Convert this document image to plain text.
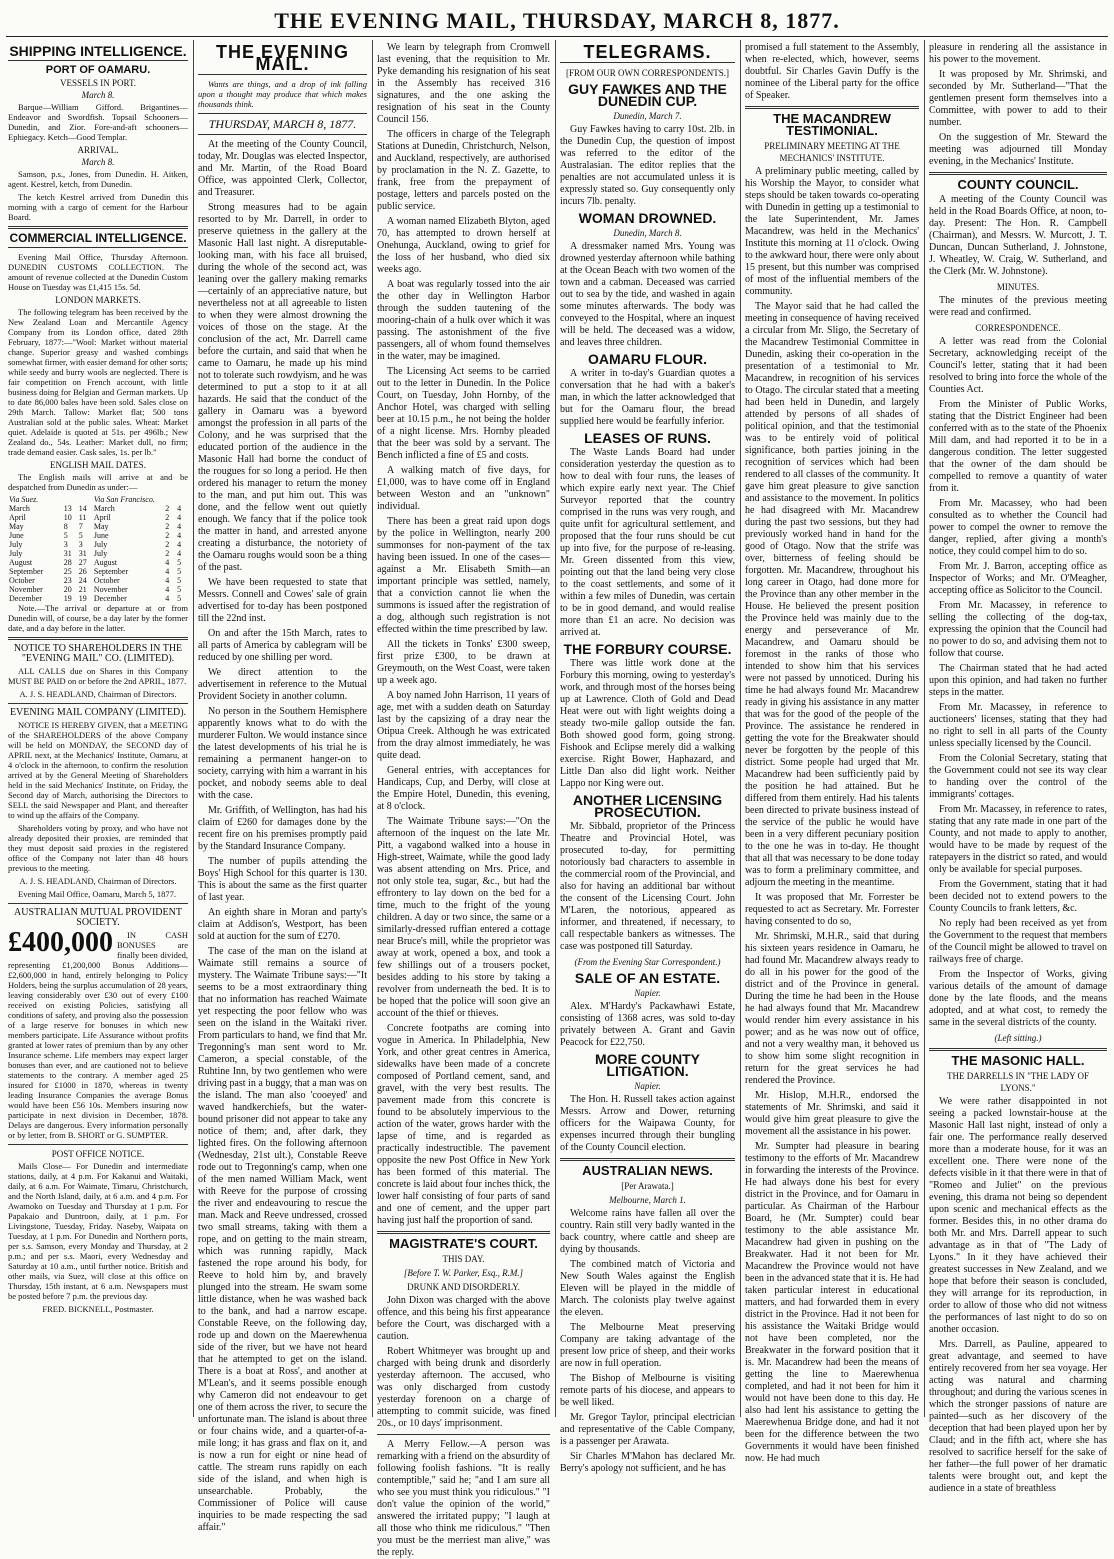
THE EVENING MAIL, THURSDAY, MARCH 8, 1877.
SHIPPING INTELLIGENCE.
PORT OF OAMARU.
VESSELS IN PORT.
March 8.

Barque—William Gifford. Brigantines—Endeavor and Swordfish. Topsail Schooners—Dunedin, and Zior. Fore-and-aft schooners—Ephiegacy. Ketch—Good Templar.

ARRIVAL.
March 8.

Samson, p.s., Jones, from Dunedin. H. Aitken, agent. Kestrel, ketch, from Dunedin.

The ketch Kestrel arrived from Dunedin this morning with a cargo of cement for the Harbour Board.

COMMERCIAL INTELLIGENCE.

Evening Mail Office, Thursday Afternoon. DUNEDIN CUSTOMS COLLECTION. The amount of revenue collected at the Dunedin Custom House on Tuesday was £1,415 15s. 5d.

LONDON MARKETS.

The following telegram has been received by the New Zealand Loan and Mercantile Agency Company from its London office, dated 28th February, 1877:—"Wool: Market without material change. Superior greasy and washed combings somewhat firmer, with easier demand for other sorts; while seedy and burry wools are neglected. There is fair competition on French account, with little business doing for Belgian and German markets. Up to date 86,000 bales have been sold. Sales close on 29th March. Tallow: Market flat; 500 tons Australian sold at the public sales. Wheat: Market quiet. Adelaide is quoted at 51s. per 496lb.; New Zealand do., 54s. Leather: Market dull, no firm; trade demand easier. Cask sales, 1s. per lb."

ENGLISH MAIL DATES.

The English mails will arrive at and be despatched from Dunedin as under:—

Via Suez.			Via San Francisco.		
March	13	14	March	2	4
April	10	11	April	2	4
May	8	7	May	2	4
June	5	5	June	2	4
July	3	3	July	2	4
July	31	31	July	2	4
August	28	27	August	4	5
September	25	26	September	4	5
October	23	24	October	4	5
November	20	21	November	4	5
December	19	19	December	4	5

Note.—The arrival or departure at or from Dunedin will, of course, be a day later by the former date, and a day before in the latter.

NOTICE TO SHAREHOLDERS IN THE "EVENING MAIL" CO. (LIMITED).

ALL CALLS due on Shares in this Company MUST BE PAID on or before the 2nd APRIL, 1877.

A. J. S. HEADLAND, Chairman of Directors.

EVENING MAIL COMPANY (LIMITED).

NOTICE IS HEREBY GIVEN, that a MEETING of the SHAREHOLDERS of the above Company will be held on MONDAY, the SECOND day of APRIL next, at the Mechanics' Institute, Oamaru, at 4 o'clock in the afternoon, to confirm the resolution arrived at by the General Meeting of Shareholders held in the said Mechanics' Institute, on Friday, the Second day of March, authorising the Directors to SELL the said Newspaper and Plant, and thereafter to wind up the affairs of the Company.

Shareholders voting by proxy, and who have not already deposited their proxies, are reminded that they must deposit said proxies in the registered office of the Company not later than 48 hours previous to the meeting.

A. J. S. HEADLAND, Chairman of Directors.

Evening Mail Office, Oamaru, March 5, 1877.

AUSTRALIAN MUTUAL PROVIDENT SOCIETY.
£400,000	IN CASH BONUSES are finally been divided, representing £1,200,000 Bonus Additions—£2,600,000 in hand, entirely belonging to Policy Holders, being the surplus accumulation of 28 years, leaving considerably over £30 out of every £100 received on existing Policies, satisfying all conditions of safety, and proving also the possession of a large reserve for bonuses in which new members participate. Life Assurance without profits granted at lower rates of premium than by any other Insurance scheme. Life members may expect larger bonuses than ever, and are cautioned not to believe statements to the contrary. A member aged 25 insured for £1000 in 1870, whereas in twenty leading Insurance Companies the average Bonus would have been £56 10s. Members insuring now participate in next division in December, 1878. Delays are dangerous. Every information personally or by letter, from B. SHORT or G. SUMPTER.

POST OFFICE NOTICE.

Mails Close— For Dunedin and intermediate stations, daily, at 4 p.m. For Kakanui and Waitaki, daily, at 6 a.m. For Waimate, Timaru, Christchurch, and the North Island, daily, at 6 a.m. and 4 p.m. For Awamoko on Tuesday and Thursday at 1 p.m. For Papakaio and Duntroon, daily, at 1 p.m. For Livingstone, Tuesday, Friday. Naseby, Waipata on Tuesday, at 1 p.m. For Dunedin and Northern ports, per s.s. Samson, every Monday and Thursday, at 2 p.m.; and per s.s. Maori, every Wednesday and Saturday at 10 a.m., until further notice. British and other mails, via Suez, will close at this office on Thursday, 15th instant, at 6 a.m. Newspapers must be posted before 7 p.m. the previous day.

FRED. BICKNELL, Postmaster.

THE EVENING MAIL.

Wants are things, and a drop of ink falling upon a thought may produce that which makes thousands think.

THURSDAY, MARCH 8, 1877.

At the meeting of the County Council, today, Mr. Douglas was elected Inspector, and Mr. Martin, of the Road Board Office, was appointed Clerk, Collector, and Treasurer.

Strong measures had to be again resorted to by Mr. Darrell, in order to preserve quietness in the gallery at the Masonic Hall last night. A disreputable-looking man, with his face all bruised, during the whole of the second act, was leaning over the gallery making remarks—certainly of an appreciative nature, but nevertheless not at all agreeable to listen to when they were almost drowning the voices of those on the stage. At the conclusion of the act, Mr. Darrell came before the curtain, and said that when he came to Oamaru, he made up his mind not to tolerate such rowdyism, and he was determined to put a stop to it at all hazards. He said that the conduct of the gallery in Oamaru was a byeword amongst the profession in all parts of the Colony, and he was surprised that the educated portion of the audience in the Masonic Hall had borne the conduct of the rougues for so long a period. He then ordered his manager to return the money to the man, and put him out. This was done, and the fellow went out quietly enough. We fancy that if the police took the matter in hand, and arrested anyone creating a disturbance, the notoriety of the Oamaru roughs would soon be a thing of the past.

We have been requested to state that Messrs. Connell and Cowes' sale of grain advertised for to-day has been postponed till the 22nd inst.

On and after the 15th March, rates to all parts of America by cablegram will be reduced by one shilling per word.

We direct attention to the advertisement in reference to the Mutual Provident Society in another column.

No person in the Southern Hemisphere apparently knows what to do with the murderer Fulton. We would instance since the latest developments of his trial he is remaining a permanent hanger-on to society, carrying with him a warrant in his pocket, and nobody seems able to deal with the case.

Mr. Griffith, of Wellington, has had his claim of £260 for damages done by the recent fire on his premises promptly paid by the Standard Insurance Company.

The number of pupils attending the Boys' High School for this quarter is 130. This is about the same as the first quarter of last year.

An eighth share in Moran and party's claim at Addison's, Westport, has been sold at auction for the sum of £270.

The case of the man on the island at Waimate still remains a source of mystery. The Waimate Tribune says:—"It seems to be a most extraordinary thing that no information has reached Waimate yet respecting the poor fellow who was seen on the island in the Waitaki river. From particulars to hand, we find that Mr. Tregonning's man sent word to Mr. Cameron, a special constable, of the Ruhtine Inn, by two gentlemen who were driving past in a buggy, that a man was on the island. The man also 'cooeyed' and waved handkerchiefs, but the water-bound prisoner did not appear to take any notice of them; and, after dark, they lighted fires. On the following afternoon (Wednesday, 21st ult.), Constable Reeve rode out to Tregonning's camp, when one of the men named William Mack, went with Reeve for the purpose of crossing the river and endeavouring to rescue the man. Mack and Reeve undressed, crossed two small streams, taking with them a rope, and on getting to the main stream, which was running rapidly, Mack fastened the rope around his body, for Reeve to hold him by, and bravely plunged into the stream. He swam some little distance, when he was washed back to the bank, and had a narrow escape. Constable Reeve, on the following day, rode up and down on the Maerewhenua side of the river, but we have not heard that he attempted to get on the island. There is a boat at Ross', and another at M'Lean's, and it seems possible enough why Cameron did not endeavour to get one of them across the river, to secure the unfortunate man. The island is about three or four chains wide, and a quarter-of-a-mile long; it has grass and flax on it, and is now a run for eight or nine head of cattle. The stream runs rapidly on each side of the island, and when high is unsearchable. Probably, the Commissioner of Police will cause inquiries to be made respecting the sad affair."

We learn by telegraph from Cromwell last evening, that the requisition to Mr. Pyke demanding his resignation of his seat in the Assembly has received 316 signatures, and the one asking the resignation of his seat in the County Council 156.

The officers in charge of the Telegraph Stations at Dunedin, Christchurch, Nelson, and Auckland, respectively, are authorised by proclamation in the N. Z. Gazette, to frank, free from the prepayment of postage, letters and parcels posted on the public service.

A woman named Elizabeth Blyton, aged 70, has attempted to drown herself at Onehunga, Auckland, owing to grief for the loss of her husband, who died six weeks ago.

A boat was regularly tossed into the air the other day in Wellington Harbor through the sudden tautening of the mooring-chain of a hulk over which it was passing. The astonishment of the five passengers, all of whom found themselves in the water, may be imagined.

The Licensing Act seems to be carried out to the letter in Dunedin. In the Police Court, on Tuesday, John Hornby, of the Anchor Hotel, was charged with selling beer at 10.15 p.m., he not being the holder of a night license. Mrs. Hornby pleaded that the beer was sold by a servant. The Bench inflicted a fine of £5 and costs.

A walking match of five days, for £1,000, was to have come off in England between Weston and an "unknown" individual.

There has been a great raid upon dogs by the police in Wellington, nearly 200 summonses for non-payment of the tax having been issued. In one of the cases—against a Mr. Elisabeth Smith—an important principle was settled, namely, that a conviction cannot lie when the summons is issued after the registration of a dog, although such registration is not effected within the time prescribed by law.

All the tickets in Tonks' £300 sweep, first prize £300, to be drawn at Greymouth, on the West Coast, were taken up a week ago.

A boy named John Harrison, 11 years of age, met with a sudden death on Saturday last by the capsizing of a dray near the Otipua Creek. Although he was extricated from the dray almost immediately, he was quite dead.

General entries, with acceptances for Handicaps, Cup, and Derby, will close at the Empire Hotel, Dunedin, this evening, at 8 o'clock.

The Waimate Tribune says:—"On the afternoon of the inquest on the late Mr. Pitt, a vagabond walked into a house in High-street, Waimate, while the good lady was absent attending on Mrs. Price, and not only stole tea, sugar, &c., but had the effrontery to lay down on the bed for a time, much to the fright of the young children. A day or two since, the same or a similarly-dressed ruffian entered a cottage near Bruce's mill, while the proprietor was away at work, opened a box, and took a few shillings out of a trousers pocket, besides adding to his store by taking a revolver from underneath the bed. It is to be hoped that the police will soon give an account of the thief or thieves.

Concrete footpaths are coming into vogue in America. In Philadelphia, New York, and other great centres in America, sidewalks have been made of a concrete composed of Portland cement, sand, and gravel, with the very best results. The pavement made from this concrete is found to be absolutely impervious to the action of the water, grows harder with the lapse of time, and is regarded as practically indestructible. The pavement opposite the new Post Office in New York has been formed of this material. The concrete is laid about four inches thick, the lower half consisting of four parts of sand and one of cement, and the upper part having just half the proportion of sand.

MAGISTRATE'S COURT.
THIS DAY.
[Before T. W. Parker, Esq., R.M.]
DRUNK AND DISORDERLY.

John Dixon was charged with the above offence, and this being his first appearance before the Court, was discharged with a caution.

Robert Whitmeyer was brought up and charged with being drunk and disorderly yesterday afternoon. The accused, who was only discharged from custody yesterday forenoon on a charge of attempting to commit suicide, was fined 20s., or 10 days' imprisonment.

A Merry Fellow.—A person was remarking with a friend on the absurdity of following foolish fashions. "It is really contemptible," said he; "and I am sure all who see you must think you ridiculous." "I don't value the opinion of the world," answered the irritated puppy; "I laugh at all those who think me ridiculous." "Then you must be the merriest man alive," was the reply.

TELEGRAMS.
[FROM OUR OWN CORRESPONDENTS.]
GUY FAWKES AND THE DUNEDIN CUP.
Dunedin, March 7.

Guy Fawkes having to carry 10st. 2lb. in the Dunedin Cup, the question of impost was referred to the editor of the Australasian. The editor replies that the penalties are not accumulated unless it is expressly stated so. Guy consequently only incurs 7lb. penalty.

WOMAN DROWNED.
Dunedin, March 8.

A dressmaker named Mrs. Young was drowned yesterday afternoon while bathing at the Ocean Beach with two women of the town and a cabman. Deceased was carried out to sea by the tide, and washed in again some minutes afterwards. The body was conveyed to the Hospital, where an inquest will be held. The deceased was a widow, and leaves three children.

OAMARU FLOUR.

A writer in to-day's Guardian quotes a conversation that he had with a baker's man, in which the latter acknowledged that but for the Oamaru flour, the bread supplied here would be fearfully inferior.

LEASES OF RUNS.

The Waste Lands Board had under consideration yesterday the question as to how to deal with four runs, the leases of which expire early next year. The Chief Surveyor reported that the country comprised in the runs was very rough, and quite unfit for agricultural settlement, and proposed that the four runs should be cut up into five, for the purpose of re-leasing. Mr. Green dissented from this view, pointing out that the land being very close to the coast settlements, and some of it within a few miles of Dunedin, was certain to be in good demand, and would realise more than £1 an acre. No decision was arrived at.

THE FORBURY COURSE.

There was little work done at the Forbury this morning, owing to yesterday's work, and through most of the horses being up at Lawrence. Cloth of Gold and Dead Heat were out with light weights doing a steady two-mile gallop outside the fan. Both showed good form, going strong. Fishook and Eclipse merely did a walking exercise. Right Bower, Haphazard, and Little Dan also did light work. Neither Lappo nor King were out.

ANOTHER LICENSING PROSECUTION.

Mr. Sibbald, proprietor of the Princess Theatre and Provincial Hotel, was prosecuted to-day, for permitting notoriously bad characters to assemble in the commercial room of the Provincial, and also for having an additional bar without the consent of the Licensing Court. John M'Laren, the notorious, appeared as informer, and threatened, if necessary, to call respectable bankers as witnesses. The case was postponed till Saturday.

(From the Evening Star Correspondent.)
SALE OF AN ESTATE.
Napier.

Alex. M'Hardy's Packawhawi Estate, consisting of 1368 acres, was sold to-day privately between A. Grant and Gavin Peacock for £22,750.

MORE COUNTY LITIGATION.
Napier.

The Hon. H. Russell takes action against Messrs. Arrow and Dower, returning officers for the Waipawa County, for expenses incurred through their bungling of the County Council election.

AUSTRALIAN NEWS.
[Per Arawata.]
Melbourne, March 1.

Welcome rains have fallen all over the country. Rain still very badly wanted in the back country, where cattle and sheep are dying by thousands.

The combined match of Victoria and New South Wales against the English Eleven will be played in the middle of March. The colonists play twelve against the eleven.

The Melbourne Meat preserving Company are taking advantage of the present low price of sheep, and their works are now in full operation.

The Bishop of Melbourne is visiting remote parts of his diocese, and appears to be well liked.

Mr. Gregor Taylor, principal electrician and representative of the Cable Company, is a passenger per Arawata.

Sir Charles M'Mahon has declared Mr. Berry's apology not sufficient, and he has

promised a full statement to the Assembly, when re-elected, which, however, seems doubtful. Sir Charles Gavin Duffy is the nominee of the Liberal party for the office of Speaker.

THE MACANDREW TESTIMONIAL.
PRELIMINARY MEETING AT THE MECHANICS' INSTITUTE.

A preliminary public meeting, called by his Worship the Mayor, to consider what steps should be taken towards co-operating with Dunedin in getting up a testimonial to the late Superintendent, Mr. James Macandrew, was held in the Mechanics' Institute this morning at 11 o'clock. Owing to the awkward hour, there were only about 15 present, but this number was comprised of most of the influential members of the community.

The Mayor said that he had called the meeting in consequence of having received a circular from Mr. Sligo, the Secretary of the Macandrew Testimonial Committee in Dunedin, asking their co-operation in the presentation of a testimonial to Mr. Macandrew, in recognition of his services to Otago. The circular stated that a meeting had been held in Dunedin, and largely attended by persons of all shades of political opinion, and that the testimonial was to be entirely void of political significance, both parties joining in the recognition of services which had been rendered to all classes of the community. It gave him great pleasure to give sanction and assistance to the movement. In politics he had disagreed with Mr. Macandrew during the past two sessions, but they had previously worked hand in hand for the good of Otago. Now that the strife was over, bitterness of feeling should be forgotten. Mr. Macandrew, throughout his long career in Otago, had done more for the Province than any other member in the House. He believed the present position the Province held was mainly due to the energy and perseverance of Mr. Macandrew, and Oamaru should be foremost in the ranks of those who intended to show him that his services were not passed by unnoticed. During his time he had always found Mr. Macandrew ready in giving his assistance in any matter that was for the good of the people of the Province. The assistance he rendered in getting the vote for the Breakwater should never be forgotten by the people of this district. Some people had urged that Mr. Macandrew had been sufficiently paid by the position he had attained. But he differed from them entirely. Had his talents been directed to private business instead of the service of the public he would have been in a very different pecuniary position to the one he was in to-day. He thought that all that was necessary to be done today was to form a preliminary committee, and adjourn the meeting in the meantime.

It was proposed that Mr. Forrester be requested to act as Secretary. Mr. Forrester having consented to do so,

Mr. Shrimski, M.H.R., said that during his sixteen years residence in Oamaru, he had found Mr. Macandrew always ready to do all in his power for the good of the district and of the Province in general. During the time he had been in the House he had always found that Mr. Macandrew would render him every assistance in his power; and as he was now out of office, and not a very wealthy man, it behoved us to show him some slight recognition in return for the great services he had rendered the Province.

Mr. Hislop, M.H.R., endorsed the statements of Mr. Shrimski, and said it would give him great pleasure to give the movement all the assistance in his power.

Mr. Sumpter had pleasure in bearing testimony to the efforts of Mr. Macandrew in forwarding the interests of the Province. He had always done his best for every district in the Province, and for Oamaru in particular. As Chairman of the Harbour Board, he (Mr. Sumpter) could bear testimony to the able assistance Mr. Macandrew had given in pushing on the Breakwater. Had it not been for Mr. Macandrew the Province would not have been in the advanced state that it is. He had taken particular interest in educational matters, and had forwarded them in every district in the Province. Had it not been for his assistance the Waitaki Bridge would not have been completed, nor the Breakwater in the forward position that it is. Mr. Macandrew had been the means of getting the line to Maerewhenua completed, and had it not been for him it would not have been done to this day. He also had lent his assistance to getting the Maerewhenua Bridge done, and had it not been for the difference between the two Governments it would have been finished now. He had much

pleasure in rendering all the assistance in his power to the movement.

It was proposed by Mr. Shrimski, and seconded by Mr. Sutherland—"That the gentlemen present form themselves into a Committee, with power to add to their number.

On the suggestion of Mr. Steward the meeting was adjourned till Monday evening, in the Mechanics' Institute.

COUNTY COUNCIL.

A meeting of the County Council was held in the Road Boards Office, at noon, to-day. Present: The Hon. R. Campbell (Chairman), and Messrs. W. Murcott, J. T. Duncan, Duncan Sutherland, J. Johnstone, J. Wheatley, W. Craig, W. Sutherland, and the Clerk (Mr. W. Johnstone).

MINUTES.

The minutes of the previous meeting were read and confirmed.

CORRESPONDENCE.

A letter was read from the Colonial Secretary, acknowledging receipt of the Council's letter, stating that it had been resolved to bring into force the whole of the Counties Act.

From the Minister of Public Works, stating that the District Engineer had been conferred with as to the state of the Phoenix Mill dam, and had reported it to be in a dangerous condition. The letter suggested that the owner of the dam should be compelled to remove a quantity of water from it.

From Mr. Macassey, who had been consulted as to whether the Council had power to compel the owner to remove the danger, replied, after giving a month's notice, they could compel him to do so.

From Mr. J. Barron, accepting office as Inspector of Works; and Mr. O'Meagher, accepting office as Solicitor to the Council.

From Mr. Macassey, in reference to selling the collecting of the dog-tax, expressing the opinion that the Council had no power to do so, and advising them not to follow that course.

The Chairman stated that he had acted upon this opinion, and had taken no further steps in the matter.

From Mr. Macassey, in reference to auctioneers' licenses, stating that they had no right to sell in all parts of the County unless specially licensed by the Council.

From the Colonial Secretary, stating that the Government could not see its way clear to handing over the control of the immigrants' cottages.

From Mr. Macassey, in reference to rates, stating that any rate made in one part of the County, and not made to apply to another, would have to be made by request of the ratepayers in the district so rated, and would only be available for special purposes.

From the Government, stating that it had been decided not to extend powers to the County Councils to frank letters, &c.

No reply had been received as yet from the Government to the request that members of the Council might be allowed to travel on railways free of charge.

From the Inspector of Works, giving various details of the amount of damage done by the late floods, and the means adopted, and at what cost, to remedy the same in the several districts of the county.

(Left sitting.)
THE MASONIC HALL.
THE DARRELLS IN "THE LADY OF LYONS."

We were rather disappointed in not seeing a packed lownstair-house at the Masonic Hall last night, instead of only a fair one. The performance really deserved more than a moderate house, for it was an excellent one. There were none of the defects visible in it that there were in that of "Romeo and Juliet" on the previous evening, this drama not being so dependent upon scenic and mechanical effects as the former. Besides this, in no other drama do both Mr. and Mrs. Darrell appear to such advantage as in that of "The Lady of Lyons." In it they have achieved their greatest successes in New Zealand, and we hope that before their season is concluded, they will arrange for its reproduction, in order to allow of those who did not witness the performances of last night to do so on another occasion.

Mrs. Darrell, as Pauline, appeared to great advantage, and seemed to have entirely recovered from her sea voyage. Her acting was natural and charming throughout; and during the various scenes in which the stronger passions of nature are painted—such as her discovery of the deception that had been played upon her by Claud; and in the fifth act, where she has resolved to sacrifice herself for the sake of her father—the full power of her dramatic talents were brought out, and kept the audience in a state of breathless
